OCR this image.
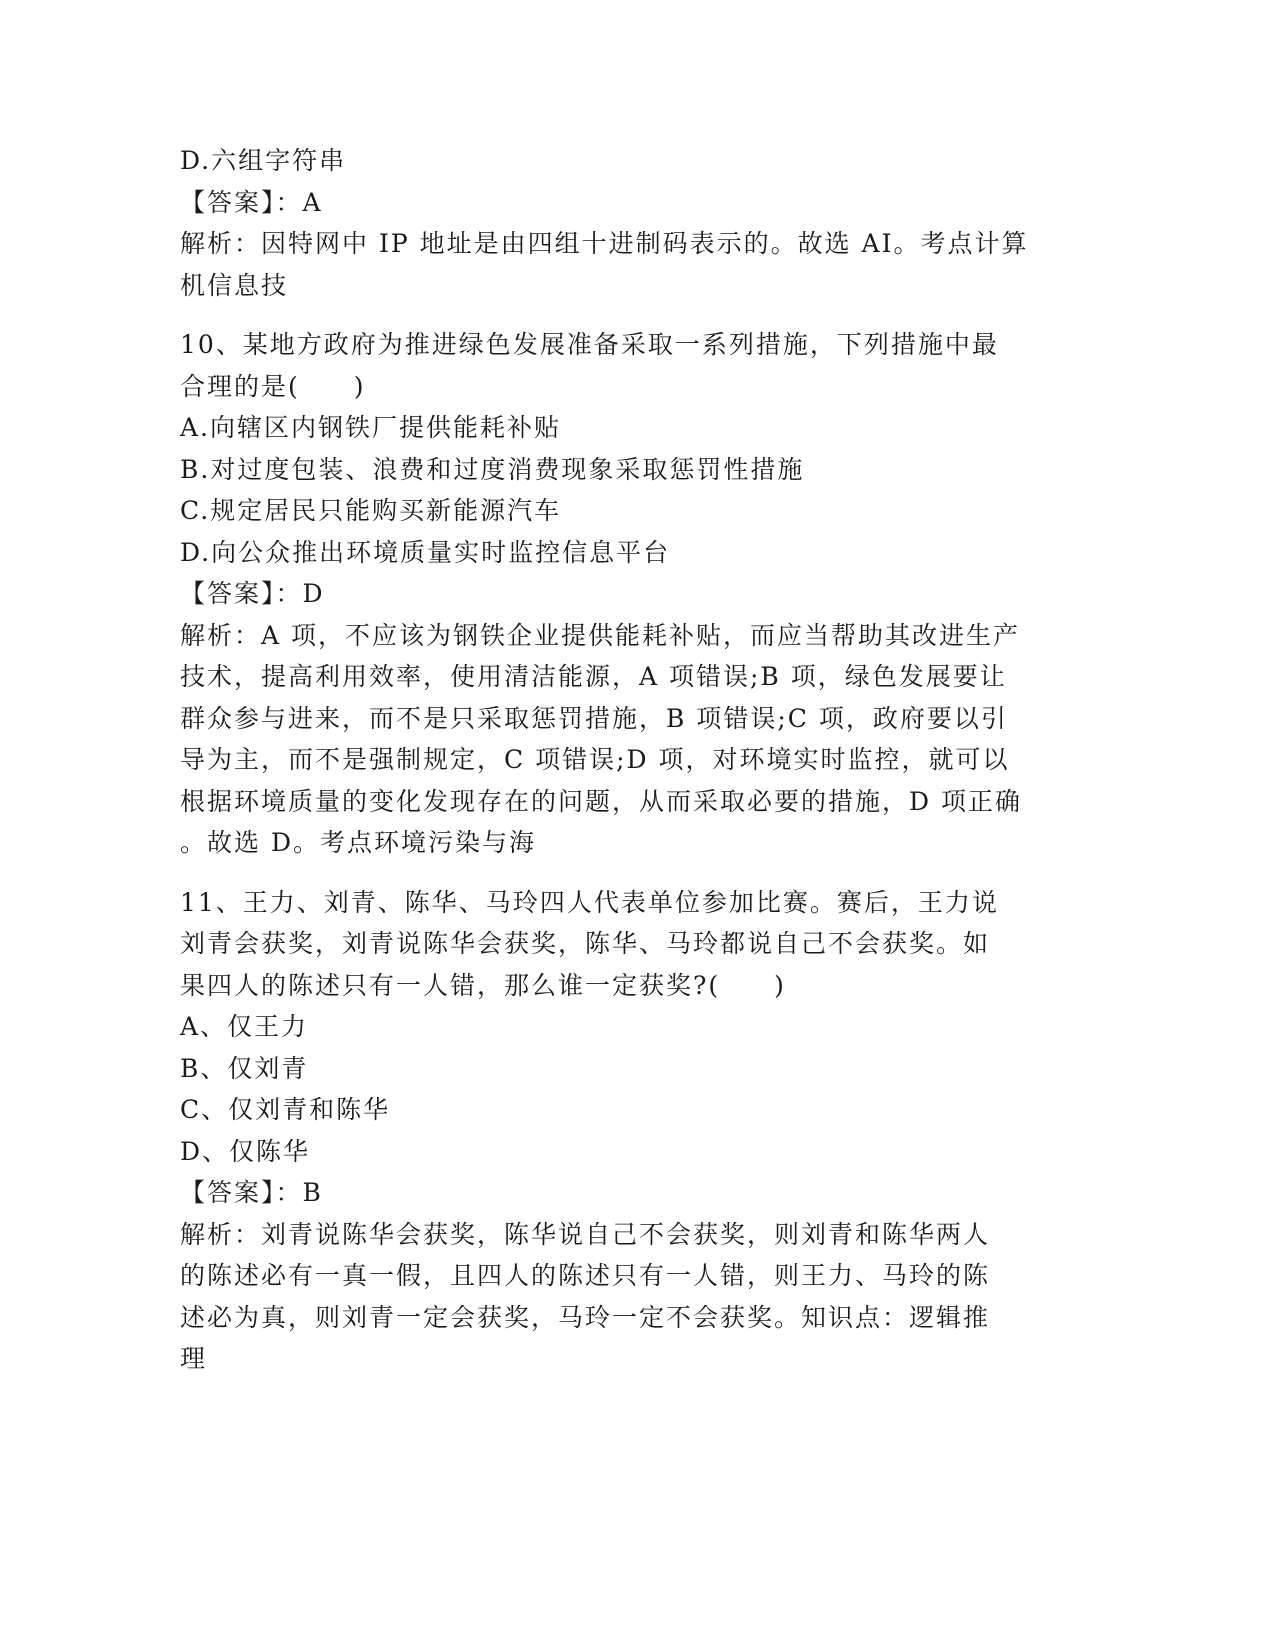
D.六组字符串
【答案】：A
解析：因特网中 IP 地址是由四组十进制码表示的。故选 AI。考点计算
机信息技
10、某地方政府为推进绿色发展准备采取一系列措施，下列措施中最
合理的是(　　)
A.向辖区内钢铁厂提供能耗补贴
B.对过度包装、浪费和过度消费现象采取惩罚性措施
C.规定居民只能购买新能源汽车
D.向公众推出环境质量实时监控信息平台
【答案】：D
解析：A 项，不应该为钢铁企业提供能耗补贴，而应当帮助其改进生产
技术，提高利用效率，使用清洁能源，A 项错误;B 项，绿色发展要让
群众参与进来，而不是只采取惩罚措施，B 项错误;C 项，政府要以引
导为主，而不是强制规定，C 项错误;D 项，对环境实时监控，就可以
根据环境质量的变化发现存在的问题，从而采取必要的措施，D 项正确
。故选 D。考点环境污染与海
11、王力、刘青、陈华、马玲四人代表单位参加比赛。赛后，王力说
刘青会获奖，刘青说陈华会获奖，陈华、马玲都说自己不会获奖。如
果四人的陈述只有一人错，那么谁一定获奖?(　　)
A、仅王力
B、仅刘青
C、仅刘青和陈华
D、仅陈华
【答案】：B
解析：刘青说陈华会获奖，陈华说自己不会获奖，则刘青和陈华两人
的陈述必有一真一假，且四人的陈述只有一人错，则王力、马玲的陈
述必为真，则刘青一定会获奖，马玲一定不会获奖。知识点：逻辑推
理
